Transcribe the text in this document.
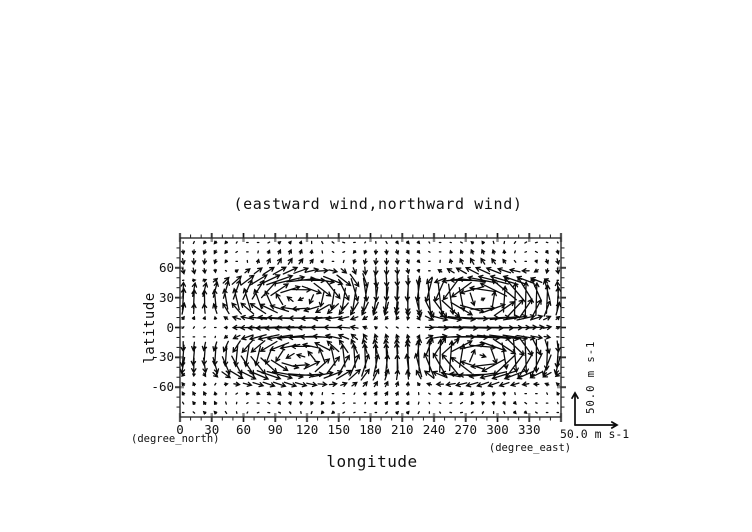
(eastward wind,northward wind)
latitude
longitude
(degree_north)
(degree_east)
50.0 m s-1
50.0 m s-1
0 30 60 90 120 150 180 210 240 270 300 330
60
30
0
-30
-60
